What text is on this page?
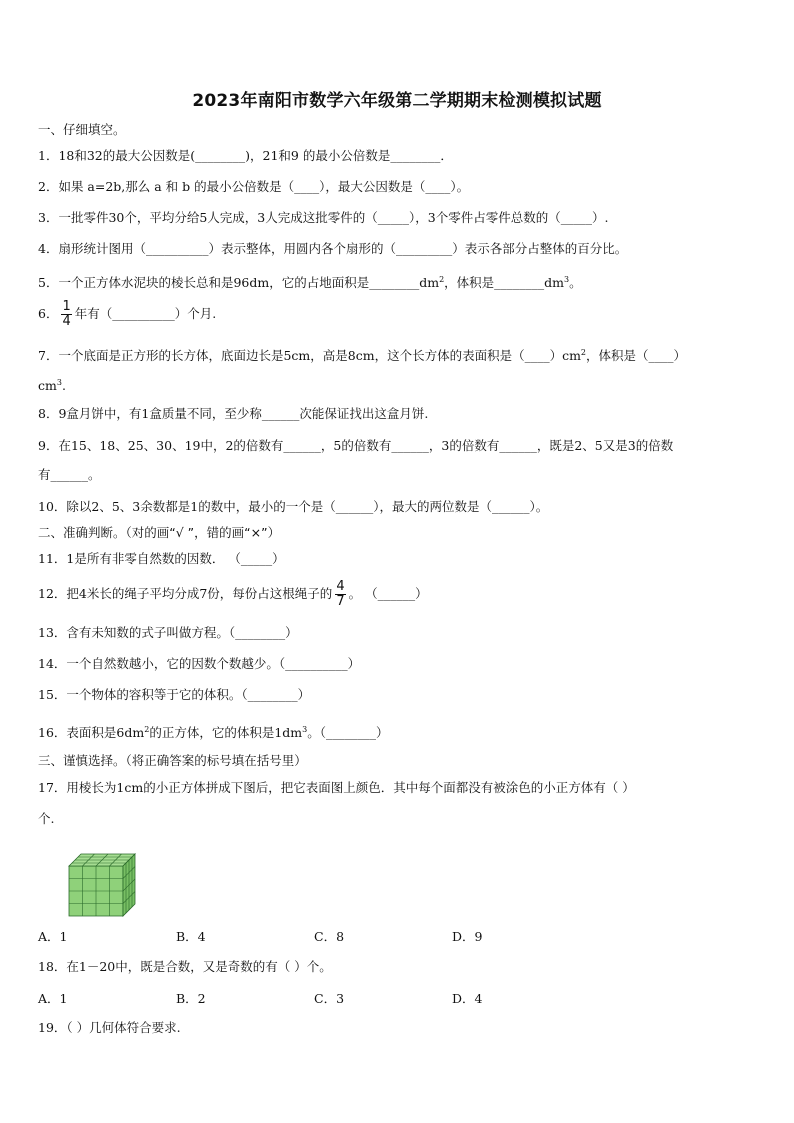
2023年南阳市数学六年级第二学期期末检测模拟试题
一、仔细填空。
1．18和32的最大公因数是(________)，21和9 的最小公倍数是________．
2．如果 a=2b,那么 a 和 b 的最小公倍数是（____），最大公因数是（____）。
3．一批零件30个，平均分给5人完成，3人完成这批零件的（_____），3个零件占零件总数的（_____）.
4．扇形统计图用（__________）表示整体，用圆内各个扇形的（_________）表示各部分占整体的百分比。
5．一个正方体水泥块的棱长总和是96dm，它的占地面积是$\_\_\_\_\_\_\_\_dm^2$，体积是$\_\_\_\_\_\_\_\_dm^3$。
6． $\frac{1}{4}$ 年有（__________）个月.
7．一个底面是正方形的长方体，底面边长是5cm，高是8cm，这个长方体的表面积是$(\_\_\_\_)cm^2$，体积是（____）
$cm^3$.
8．9盒月饼中，有1盒质量不同，至少称______次能保证找出这盒月饼.
9．在15、18、25、30、19中，2的倍数有______，5的倍数有______，3的倍数有______，既是2、5又是3的倍数
有______。
10．除以2、5、3余数都是1的数中，最小的一个是（______），最大的两位数是（______）。
二、准确判断。（对的画“√ ”，错的画“×”）
11．1是所有非零自然数的因数． （_____）
12．把4米长的绳子平均分成7份，每份占这根绳子的 $\frac{4}{7}$ 。 （______）
13．含有未知数的式子叫做方程。（________）
14．一个自然数越小，它的因数个数越少。（__________）
15．一个物体的容积等于它的体积。（________）
16．表面积是$6dm^2$的正方体，它的体积是$1dm^3$。（________）
三、谨慎选择。（将正确答案的标号填在括号里）
17．用棱长为1cm的小正方体拼成下图后，把它表面图上颜色．其中每个面都没有被涂色的小正方体有（ ）
个.
A．1	B．4	C．8	D．9
18．在1－20中，既是合数，又是奇数的有（ ）个。
A．1	B．2	C．3	D．4
19．（ ）几何体符合要求.
